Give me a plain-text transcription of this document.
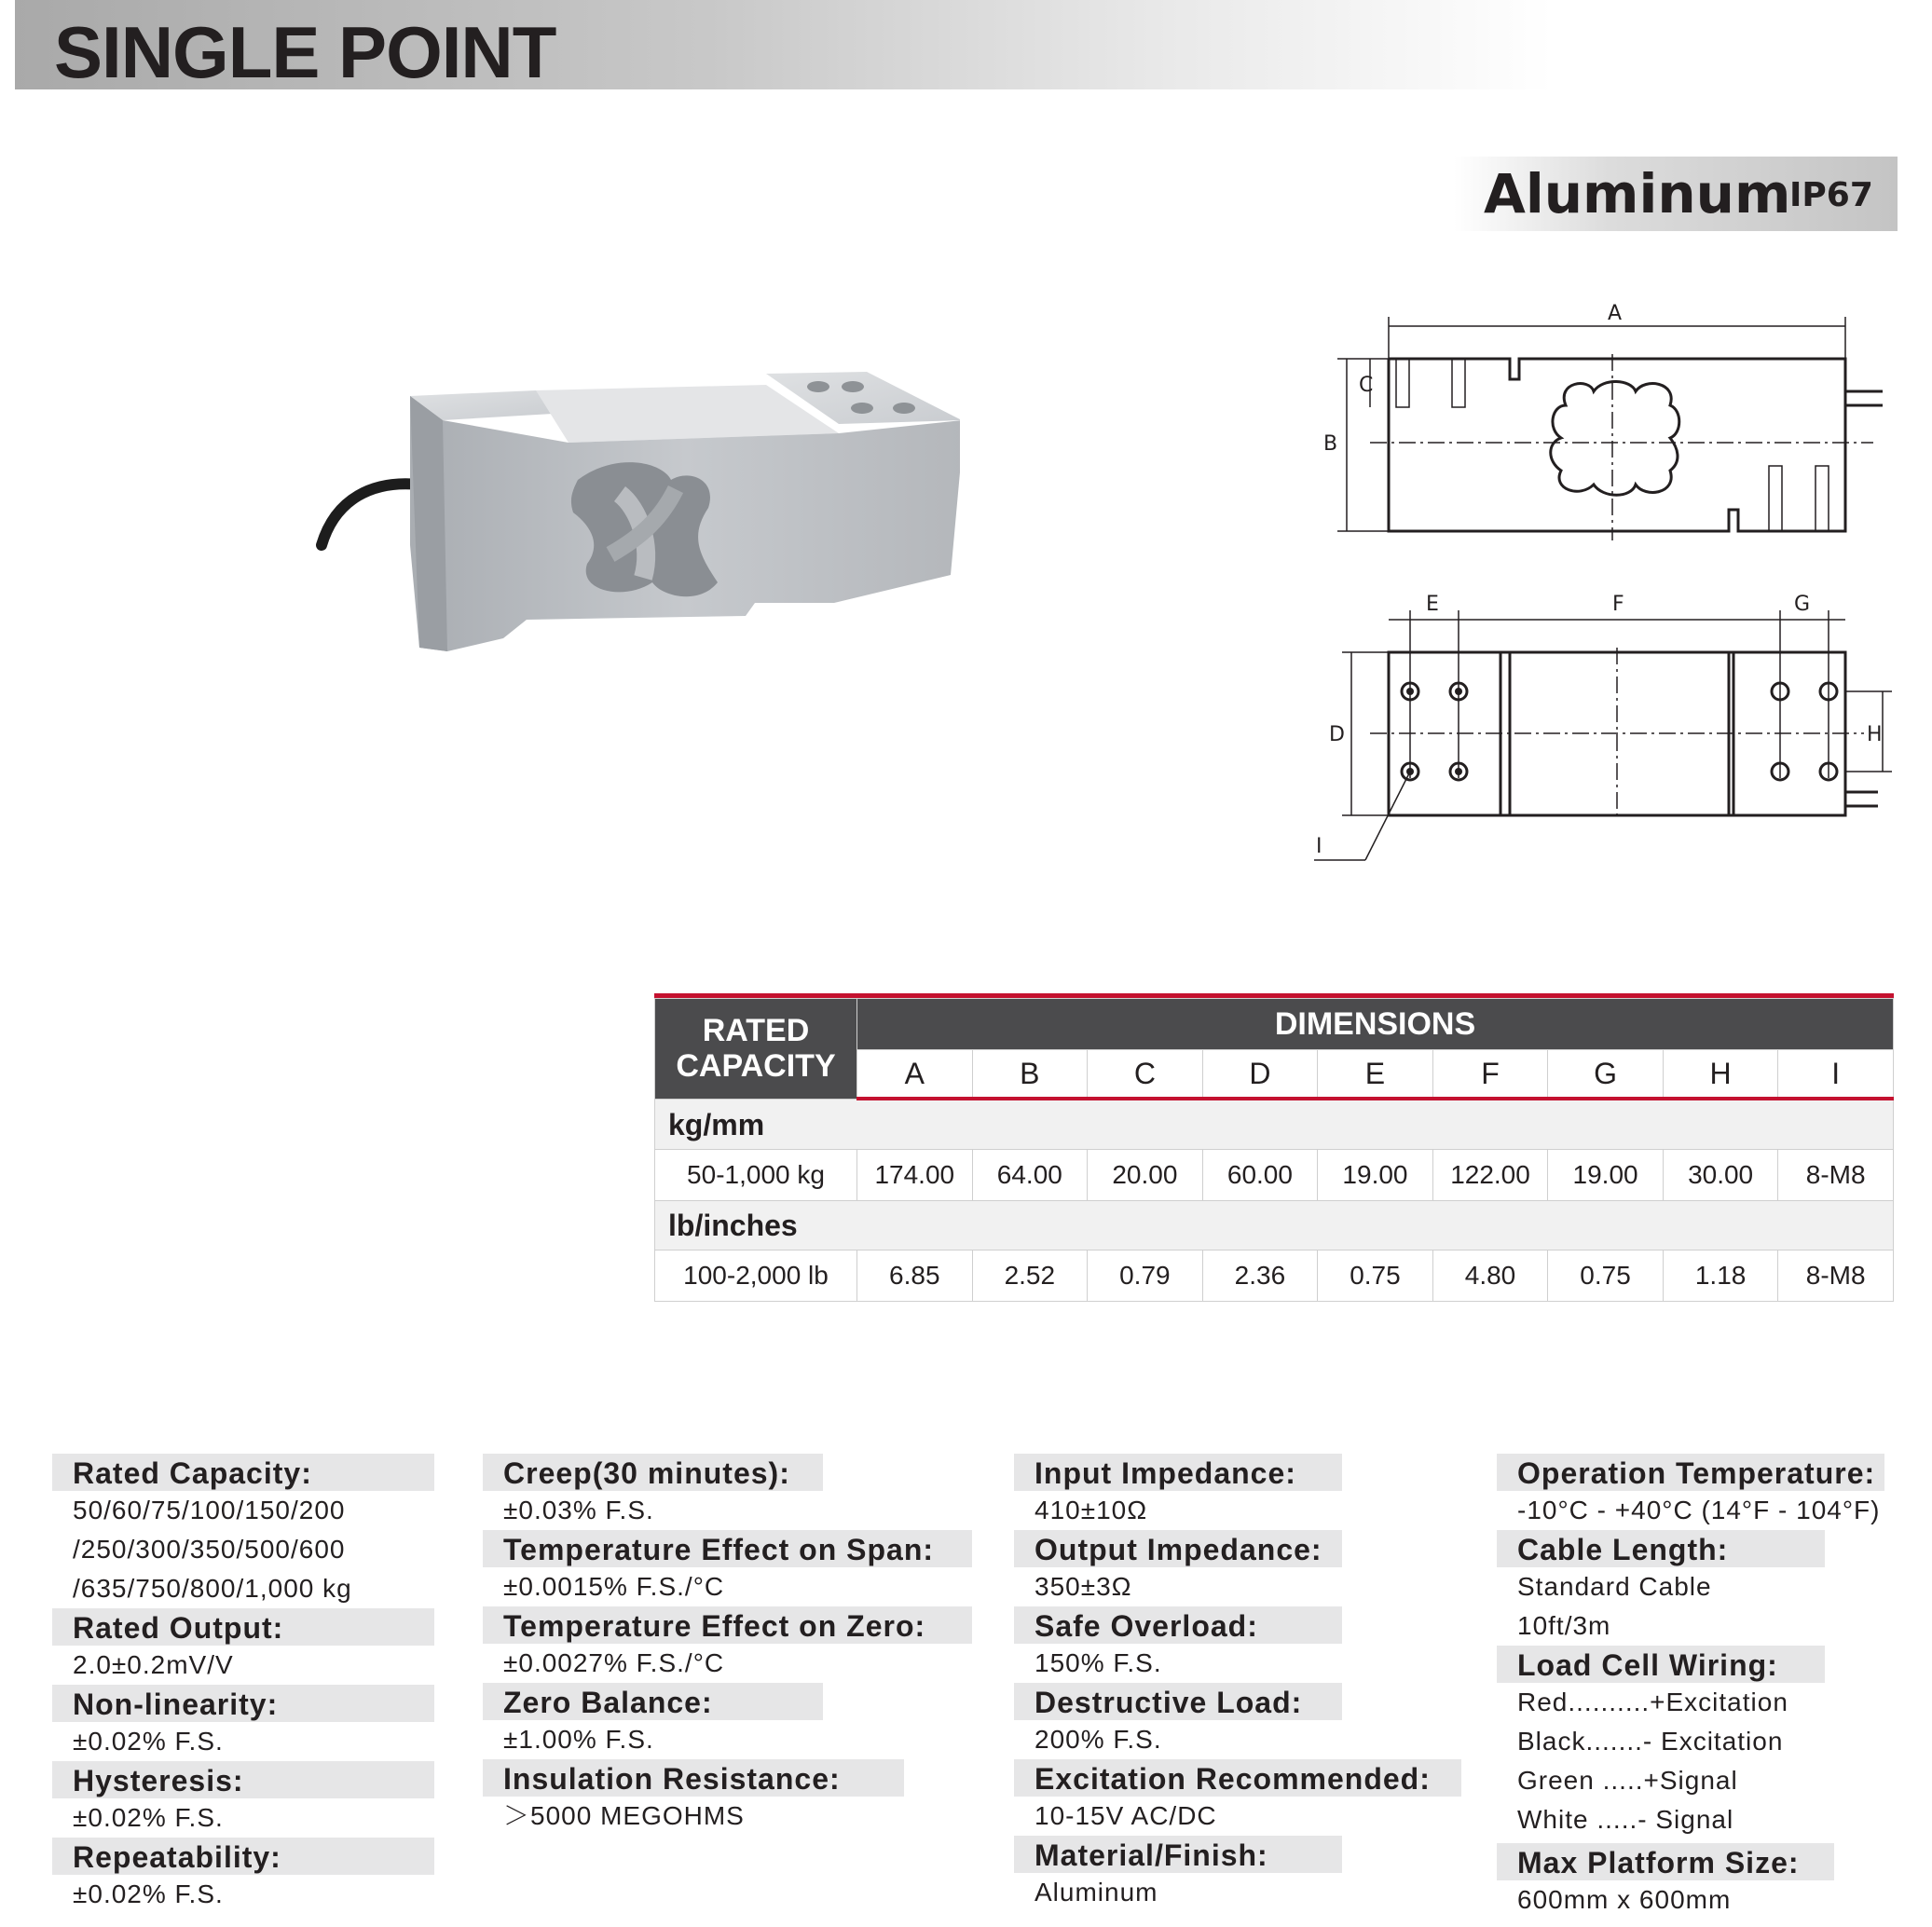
SINGLE POINT
Aluminum
IP67
A
B
C
E	F	G
D	H
I
RATED
CAPACITY	DIMENSIONS								
	A	B	C	D	E	F	G	H	I
kg/mm									
50-1,000 kg	174.00	64.00	20.00	60.00	19.00	122.00	19.00	30.00	8-M8
lb/inches									
100-2,000 lb	6.85	2.52	0.79	2.36	0.75	4.80	0.75	1.18	8-M8
Rated Capacity:
50/60/75/100/150/200
/250/300/350/500/600
/635/750/800/1,000 kg
Rated Output:
2.0±0.2mV/V
Non-linearity:
±0.02% F.S.
Hysteresis:
±0.02% F.S.
Repeatability:
±0.02% F.S.
Creep(30 minutes):
±0.03% F.S.
Temperature Effect on Span:
±0.0015% F.S./°C
Temperature Effect on Zero:
±0.0027% F.S./°C
Zero Balance:
±1.00% F.S.
Insulation Resistance:
＞5000 MEGOHMS
Input Impedance:
410±10Ω
Output Impedance:
350±3Ω
Safe Overload:
150% F.S.
Destructive Load:
200% F.S.
Excitation Recommended:
10-15V AC/DC
Material/Finish:
Aluminum
Operation Temperature:
-10°C - +40°C (14°F - 104°F)
Cable Length:
Standard Cable
10ft/3m
Load Cell Wiring:
Red..........+Excitation
Black.......- Excitation
Green .....+Signal
White .....- Signal
Max Platform Size:
600mm x 600mm
